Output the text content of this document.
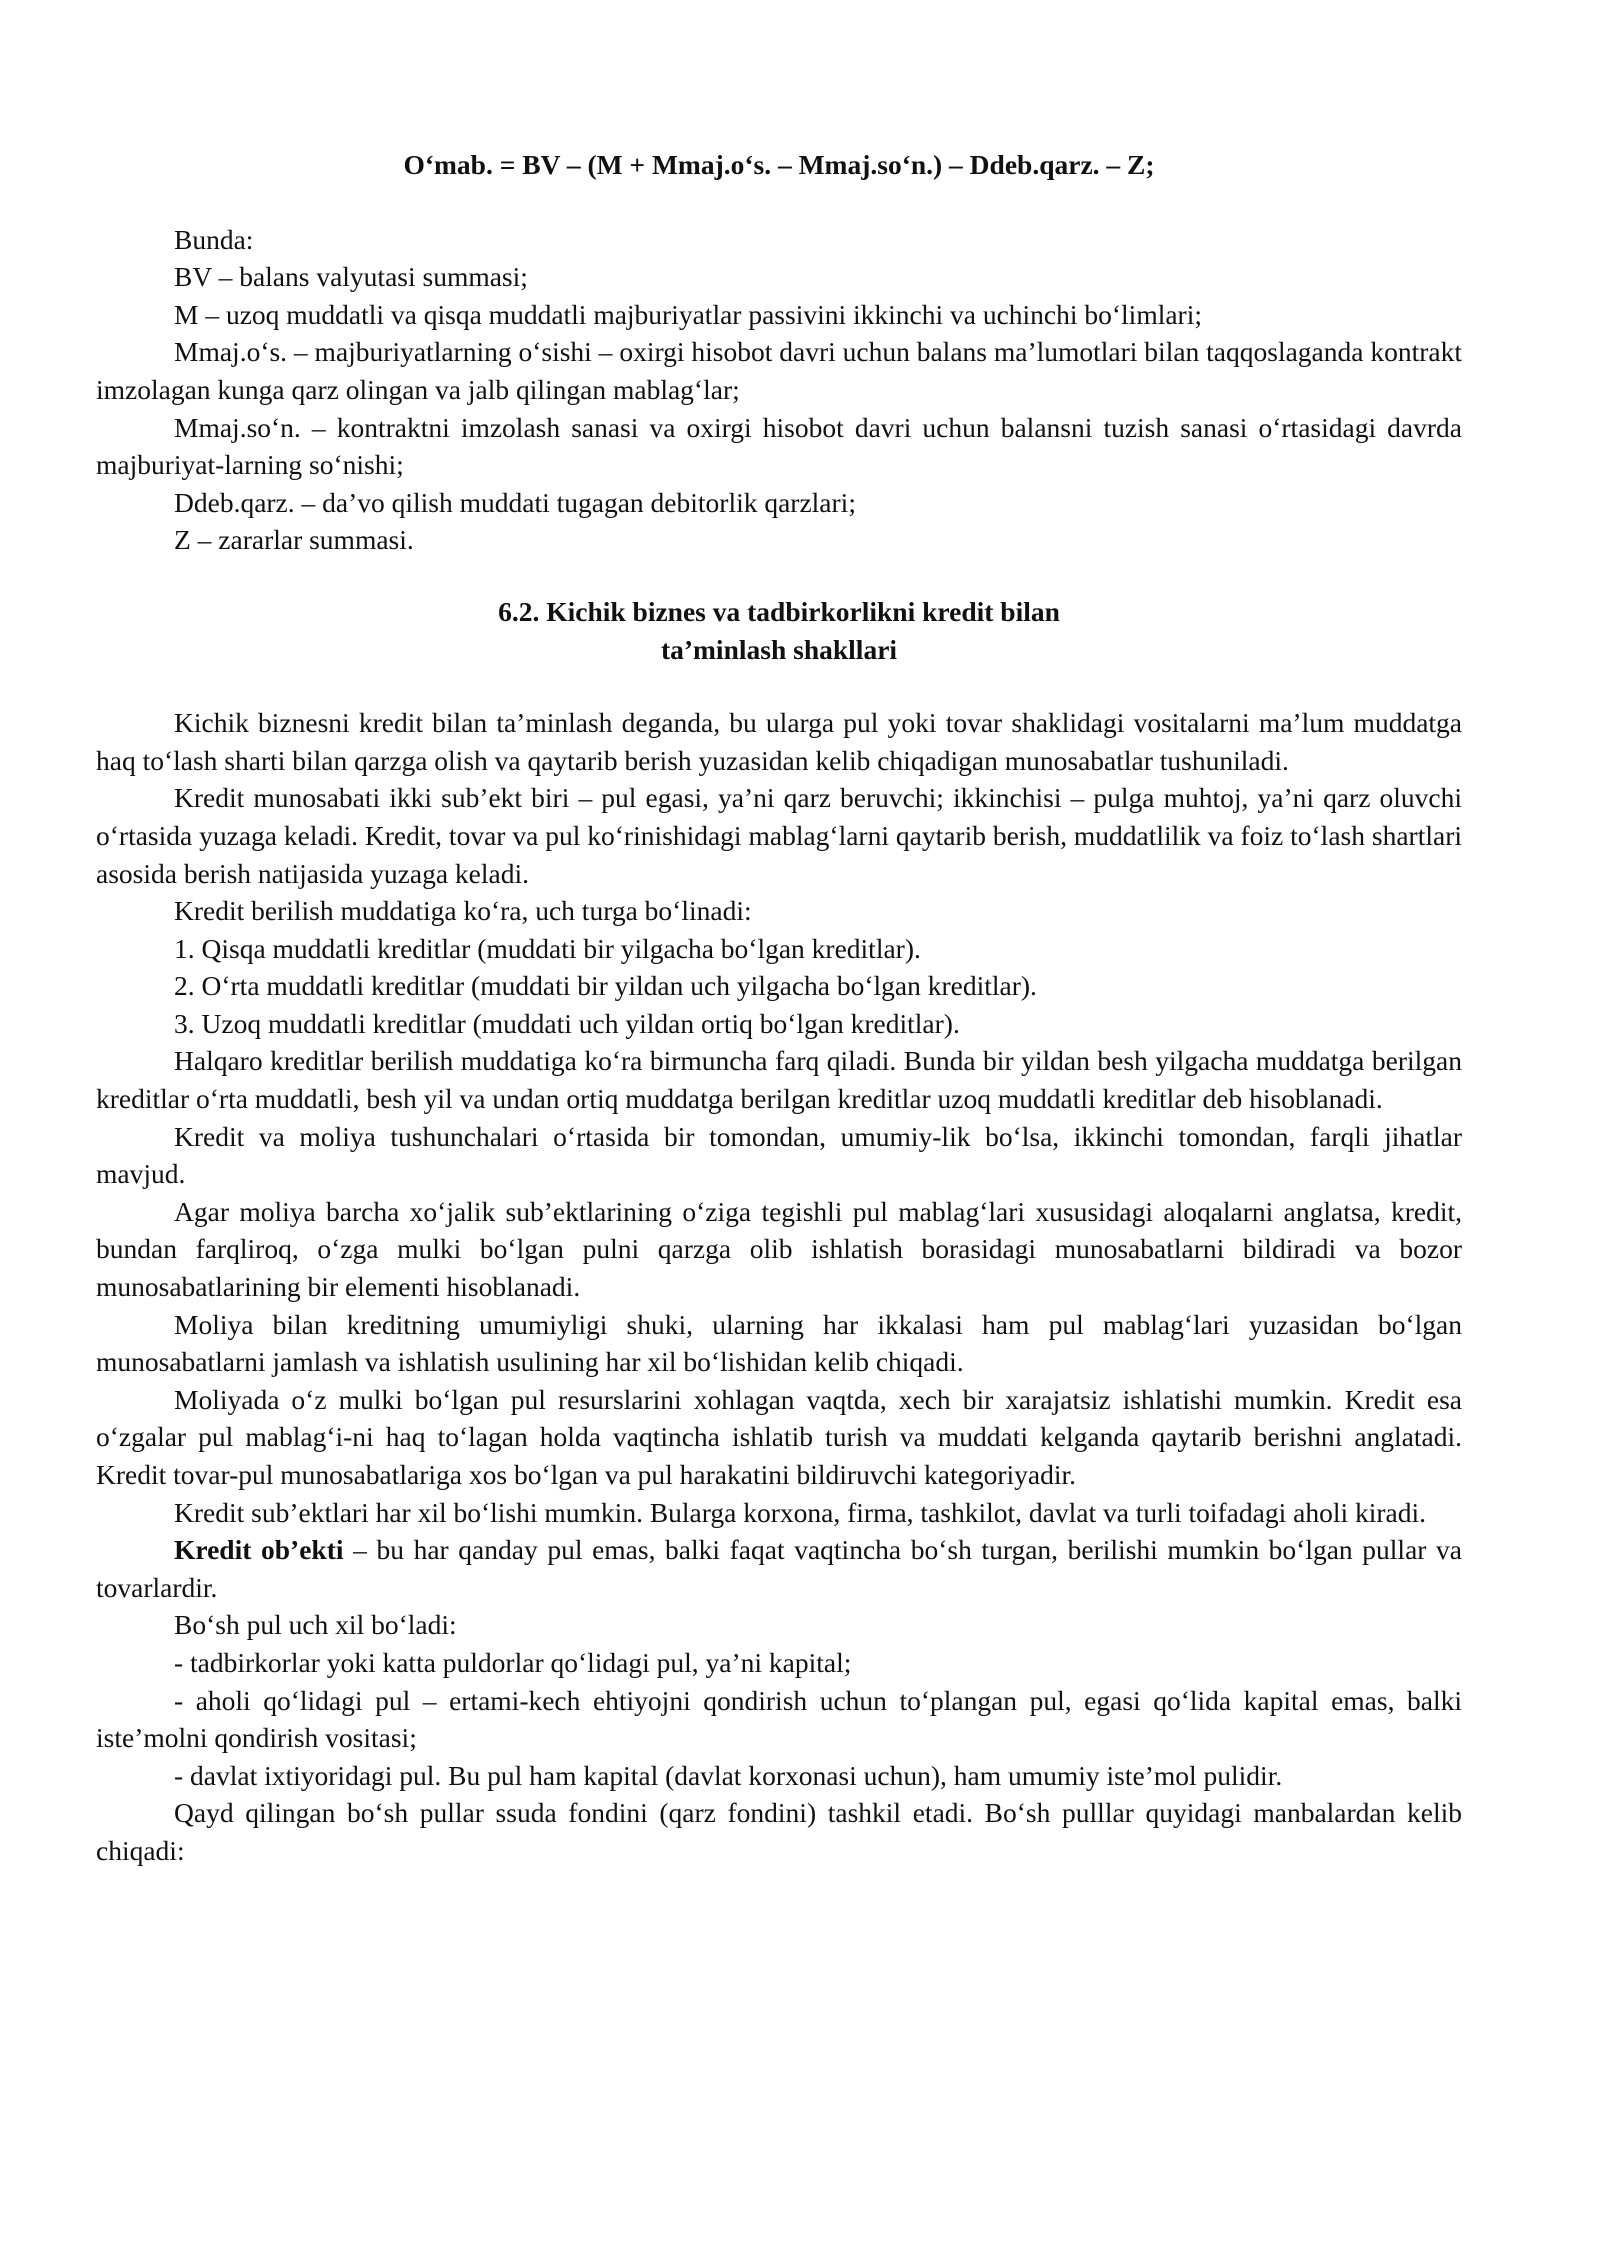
O‘mab. = BV – (M + Mmaj.o‘s. – Mmaj.so‘n.) – Ddeb.qarz. – Z;

Bunda:

BV – balans valyutasi summasi;

M – uzoq muddatli va qisqa muddatli majburiyatlar passivini ikkinchi va uchinchi bo‘limlari;

Mmaj.o‘s. – majburiyatlarning o‘sishi – oxirgi hisobot davri uchun balans ma’lumotlari bilan taqqoslaganda kontrakt imzolagan kunga qarz olingan va jalb qilingan mablag‘lar;

Mmaj.so‘n. – kontraktni imzolash sanasi va oxirgi hisobot davri uchun balansni tuzish sanasi o‘rtasidagi davrda majburiyat-larning so‘nishi;

Ddeb.qarz. – da’vo qilish muddati tugagan debitorlik qarzlari;

Z – zararlar summasi.

6.2. Kichik biznes va tadbirkorlikni kredit bilan
ta’minlash shakllari

Kichik biznesni kredit bilan ta’minlash deganda, bu ularga pul yoki tovar shaklidagi vositalarni ma’lum muddatga haq to‘lash sharti bilan qarzga olish va qaytarib berish yuzasidan kelib chiqadigan munosabatlar tushuniladi.

Kredit munosabati ikki sub’ekt biri – pul egasi, ya’ni qarz beruvchi; ikkinchisi – pulga muhtoj, ya’ni qarz oluvchi o‘rtasida yuzaga keladi. Kredit, tovar va pul ko‘rinishidagi mablag‘larni qaytarib berish, muddatlilik va foiz to‘lash shartlari asosida berish natijasida yuzaga keladi.

Kredit berilish muddatiga ko‘ra, uch turga bo‘linadi:

1. Qisqa muddatli kreditlar (muddati bir yilgacha bo‘lgan kreditlar).

2. O‘rta muddatli kreditlar (muddati bir yildan uch yilgacha bo‘lgan kreditlar).

3. Uzoq muddatli kreditlar (muddati uch yildan ortiq bo‘lgan kreditlar).

Halqaro kreditlar berilish muddatiga ko‘ra birmuncha farq qiladi. Bunda bir yildan besh yilgacha muddatga berilgan kreditlar o‘rta muddatli, besh yil va undan ortiq muddatga berilgan kreditlar uzoq muddatli kreditlar deb hisoblanadi.

Kredit va moliya tushunchalari o‘rtasida bir tomondan, umumiy-lik bo‘lsa, ikkinchi tomondan, farqli jihatlar mavjud.

Agar moliya barcha xo‘jalik sub’ektlarining o‘ziga tegishli pul mablag‘lari xususidagi aloqalarni anglatsa, kredit, bundan farqliroq, o‘zga mulki bo‘lgan pulni qarzga olib ishlatish borasidagi munosabatlarni bildiradi va bozor munosabatlarining bir elementi hisoblanadi.

Moliya bilan kreditning umumiyligi shuki, ularning har ikkalasi ham pul mablag‘lari yuzasidan bo‘lgan munosabatlarni jamlash va ishlatish usulining har xil bo‘lishidan kelib chiqadi.

Moliyada o‘z mulki bo‘lgan pul resurslarini xohlagan vaqtda, xech bir xarajatsiz ishlatishi mumkin. Kredit esa o‘zgalar pul mablag‘i-ni haq to‘lagan holda vaqtincha ishlatib turish va muddati kelganda qaytarib berishni anglatadi. Kredit tovar-pul munosabatlariga xos bo‘lgan va pul harakatini bildiruvchi kategoriyadir.

Kredit sub’ektlari har xil bo‘lishi mumkin. Bularga korxona, firma, tashkilot, davlat va turli toifadagi aholi kiradi.

Kredit ob’ekti – bu har qanday pul emas, balki faqat vaqtincha bo‘sh turgan, berilishi mumkin bo‘lgan pullar va tovarlardir.

Bo‘sh pul uch xil bo‘ladi:

- tadbirkorlar yoki katta puldorlar qo‘lidagi pul, ya’ni kapital;

- aholi qo‘lidagi pul – ertami-kech ehtiyojni qondirish uchun to‘plangan pul, egasi qo‘lida kapital emas, balki iste’molni qondirish vositasi;

- davlat ixtiyoridagi pul. Bu pul ham kapital (davlat korxonasi uchun), ham umumiy iste’mol pulidir.

Qayd qilingan bo‘sh pullar ssuda fondini (qarz fondini) tashkil etadi. Bo‘sh pulllar quyidagi manbalardan kelib chiqadi:
